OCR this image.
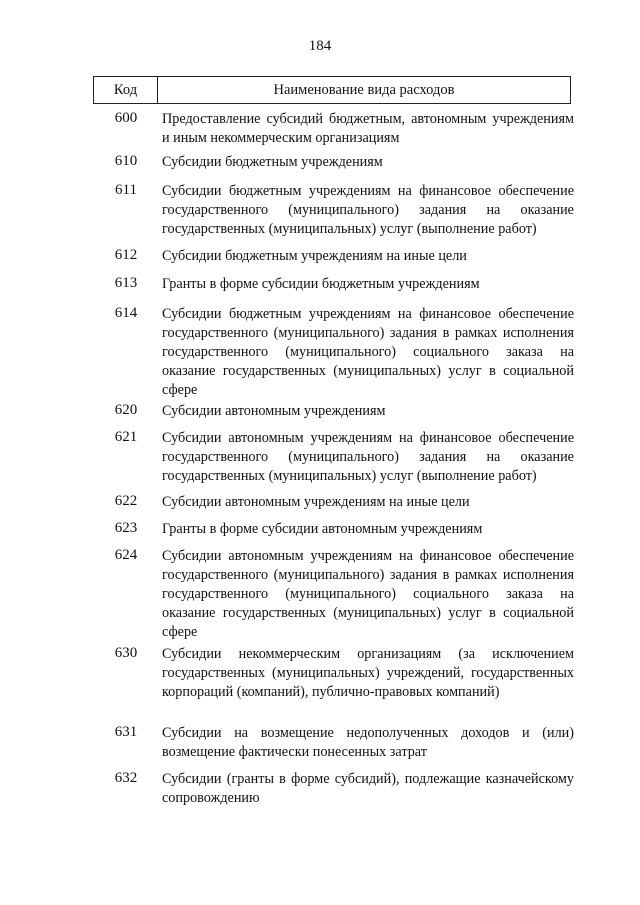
184
Код	Наименование вида расходов
600	Предоставление субсидий бюджетным, автономным учреждениям и иным некоммерческим организациям
610	Субсидии бюджетным учреждениям
611	Субсидии бюджетным учреждениям на финансовое обеспечение государственного (муниципального) задания на оказание государственных (муниципальных) услуг (выполнение работ)
612	Субсидии бюджетным учреждениям на иные цели
613	Гранты в форме субсидии бюджетным учреждениям
614	Субсидии бюджетным учреждениям на финансовое обеспечение государственного (муниципального) задания в рамках исполнения государственного (муниципального) социального заказа на оказание государственных (муниципальных) услуг в социальной сфере
620	Субсидии автономным учреждениям
621	Субсидии автономным учреждениям на финансовое обеспечение государственного (муниципального) задания на оказание государственных (муниципальных) услуг (выполнение работ)
622	Субсидии автономным учреждениям на иные цели
623	Гранты в форме субсидии автономным учреждениям
624	Субсидии автономным учреждениям на финансовое обеспечение государственного (муниципального) задания в рамках исполнения государственного (муниципального) социального заказа на оказание государственных (муниципальных) услуг в социальной сфере
630	Субсидии некоммерческим организациям (за исключением государственных (муниципальных) учреждений, государственных корпораций (компаний), публично-правовых компаний)
631	Субсидии на возмещение недополученных доходов и (или) возмещение фактически понесенных затрат
632	Субсидии (гранты в форме субсидий), подлежащие казначейскому сопровождению
